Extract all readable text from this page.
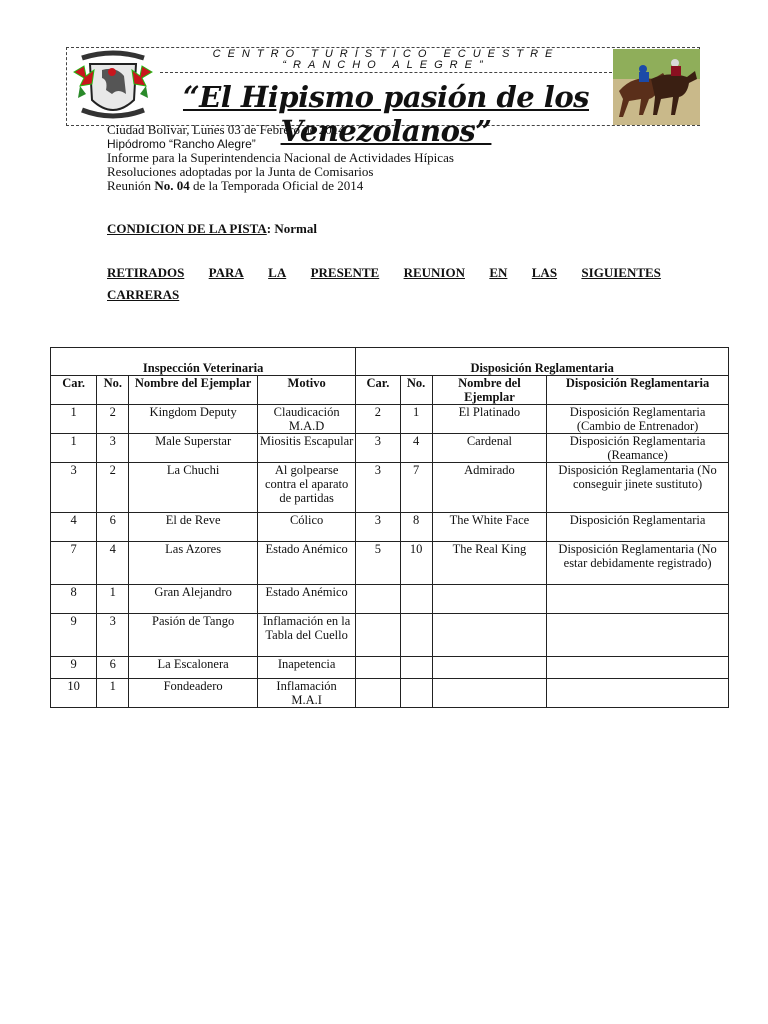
CENTRO TURÍSTICO ECUESTRE
“RANCHO ALEGRE”
“El Hipismo pasión de los Venezolanos”
Ciudad Bolívar, Lunes 03 de Febrero de 2014
Hipódromo “Rancho Alegre”
Informe para la Superintendencia Nacional de Actividades Hípicas
Resoluciones adoptadas por la Junta de Comisarios
Reunión No. 04 de la Temporada Oficial de 2014
CONDICION DE LA PISTA: Normal
RETIRADOS PARA LA PRESENTE REUNION EN LAS SIGUIENTES
CARRERAS
Inspección Veterinaria				Disposición Reglamentaria			
Car.	No.	Nombre del Ejemplar	Motivo	Car.	No.	Nombre del Ejemplar	Disposición Reglamentaria
1	2	Kingdom Deputy	Claudicación M.A.D	2	1	El Platinado	Disposición Reglamentaria (Cambio de Entrenador)
1	3	Male Superstar	Miositis Escapular	3	4	Cardenal	Disposición Reglamentaria (Reamance)
3	2	La Chuchi	Al golpearse contra el aparato de partidas	3	7	Admirado	Disposición Reglamentaria (No conseguir jinete sustituto)
4	6	El de Reve	Cólico	3	8	The White Face	Disposición Reglamentaria
7	4	Las Azores	Estado Anémico	5	10	The Real King	Disposición Reglamentaria (No estar debidamente registrado)
8	1	Gran Alejandro	Estado Anémico				
9	3	Pasión de Tango	Inflamación en la Tabla del Cuello				
9	6	La Escalonera	Inapetencia				
10	1	Fondeadero	Inflamación M.A.I				
